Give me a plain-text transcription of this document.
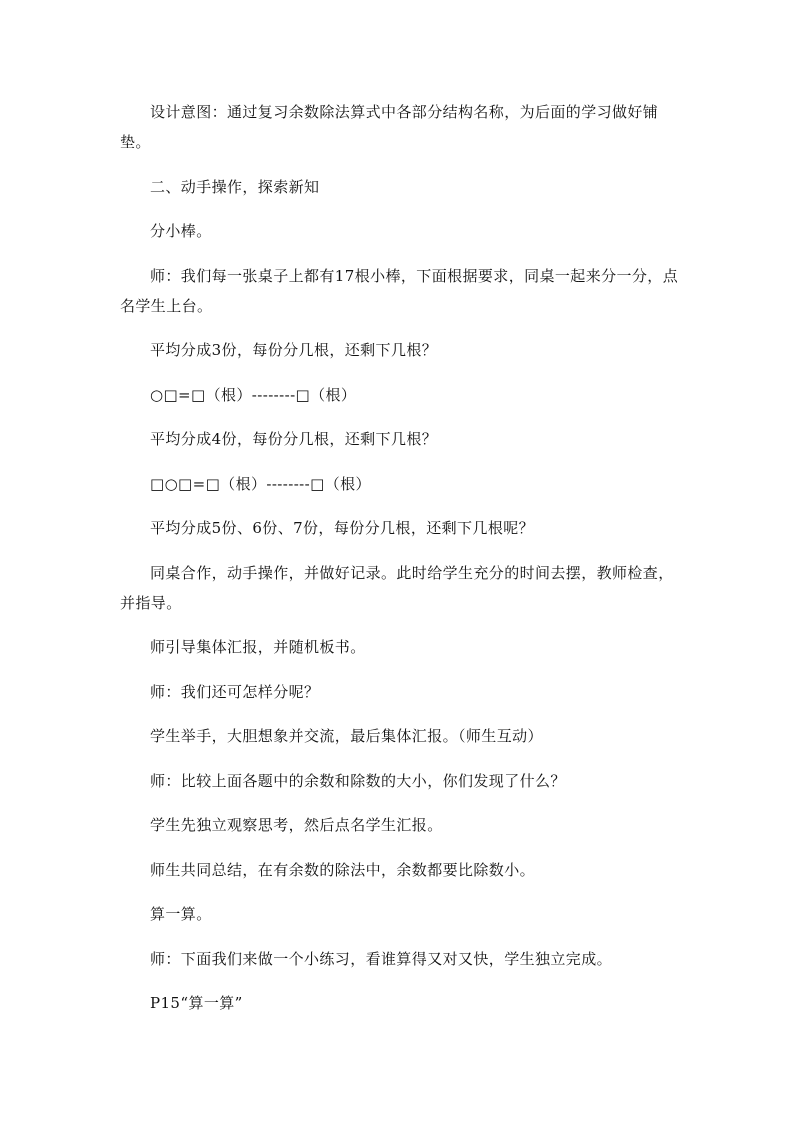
设计意图：通过复习余数除法算式中各部分结构名称，为后面的学习做好铺垫。

二、动手操作，探索新知

分小棒。

师：我们每一张桌子上都有17根小棒，下面根据要求，同桌一起来分一分，点名学生上台。

平均分成3份，每份分几根，还剩下几根？

○□=□（根）--------□（根）

平均分成4份，每份分几根，还剩下几根？

□○□=□（根）--------□（根）

平均分成5份、6份、7份，每份分几根，还剩下几根呢？

同桌合作，动手操作，并做好记录。此时给学生充分的时间去摆，教师检查，并指导。

师引导集体汇报，并随机板书。

师：我们还可怎样分呢？

学生举手，大胆想象并交流，最后集体汇报。（师生互动）

师：比较上面各题中的余数和除数的大小，你们发现了什么？

学生先独立观察思考，然后点名学生汇报。

师生共同总结，在有余数的除法中，余数都要比除数小。

算一算。

师：下面我们来做一个小练习，看谁算得又对又快，学生独立完成。

P15“算一算”
